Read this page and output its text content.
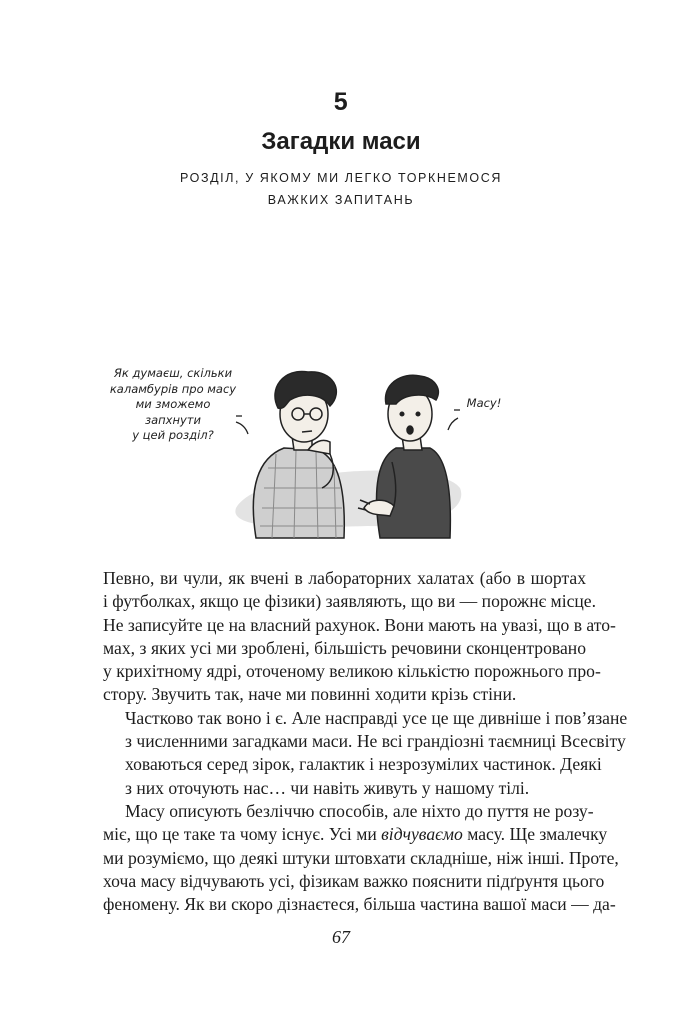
5
Загадки маси
РОЗДІЛ, У ЯКОМУ МИ ЛЕГКО ТОРКНЕМОСЯ
ВАЖКИХ ЗАПИТАНЬ
Як думаєш, скільки
каламбурів про масу
ми зможемо запхнути
у цей розділ?
Масу!

Певно, ви чули, як вчені в лабораторних халатах (або в шортах
і футболках, якщо це фізики) заявляють, що ви — порожнє місце.
Не записуйте це на власний рахунок. Вони мають на увазі, що в ато-
мах, з яких усі ми зроблені, більшість речовини сконцентровано
у крихітному ядрі, оточеному великою кількістю порожнього про-
стору. Звучить так, наче ми повинні ходити крізь стіни.

Частково так воно і є. Але насправді усе це ще дивніше і пов’язане
з численними загадками маси. Не всі грандіозні таємниці Всесвіту
ховаються серед зірок, галактик і незрозумілих частинок. Деякі
з них оточують нас… чи навіть живуть у нашому тілі.

Масу описують безліччю способів, але ніхто до пуття не розу-
міє, що це таке та чому існує. Усі ми відчуваємо масу. Ще змалечку
ми розуміємо, що деякі штуки штовхати складніше, ніж інші. Проте,
хоча масу відчувають усі, фізикам важко пояснити підґрунтя цього
феномену. Як ви скоро дізнаєтеся, більша частина вашої маси — да-

67
